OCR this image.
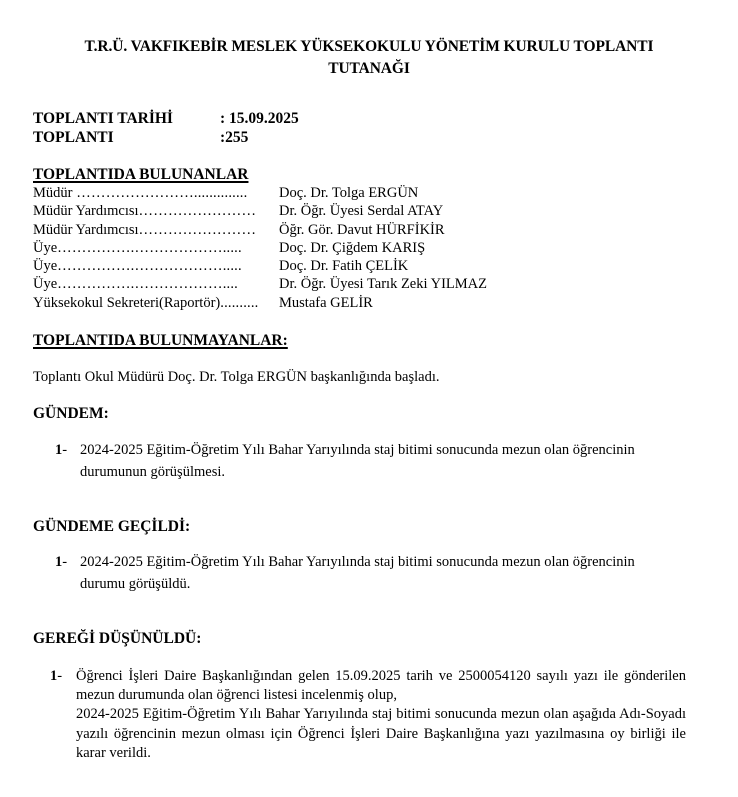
T.R.Ü. VAKFIKEBİR MESLEK YÜKSEKOKULU YÖNETİM KURULU TOPLANTI
TUTANAĞI
TOPLANTI TARİHİ	: 15.09.2025
TOPLANTI	:255
TOPLANTIDA BULUNANLAR
Müdür ……………………..............	Doç. Dr. Tolga ERGÜN
Müdür Yardımcısı……………………	Dr. Öğr. Üyesi Serdal ATAY
Müdür Yardımcısı……………………	Öğr. Gör. Davut HÜRFİKİR
Üye…………….……………….....	Doç. Dr. Çiğdem KARIŞ
Üye…………….……………….....	Doç. Dr. Fatih ÇELİK
Üye…………….………………....	Dr. Öğr. Üyesi Tarık Zeki YILMAZ
Yüksekokul Sekreteri(Raportör)..........	Mustafa GELİR
TOPLANTIDA BULUNMAYANLAR:
Toplantı Okul Müdürü Doç. Dr. Tolga ERGÜN başkanlığında başladı.
GÜNDEM:
1- 2024-2025 Eğitim-Öğretim Yılı Bahar Yarıyılında staj bitimi sonucunda mezun olan öğrencinin durumunun görüşülmesi.
GÜNDEME GEÇİLDİ:
1- 2024-2025 Eğitim-Öğretim Yılı Bahar Yarıyılında staj bitimi sonucunda mezun olan öğrencinin durumu görüşüldü.
GEREĞİ DÜŞÜNÜLDÜ:
1- Öğrenci İşleri Daire Başkanlığından gelen 15.09.2025 tarih ve 2500054120 sayılı yazı ile gönderilen mezun durumunda olan öğrenci listesi incelenmiş olup,

2024-2025 Eğitim-Öğretim Yılı Bahar Yarıyılında staj bitimi sonucunda mezun olan aşağıda Adı-Soyadı yazılı öğrencinin mezun olması için Öğrenci İşleri Daire Başkanlığına yazı yazılmasına oy birliği ile karar verildi.
